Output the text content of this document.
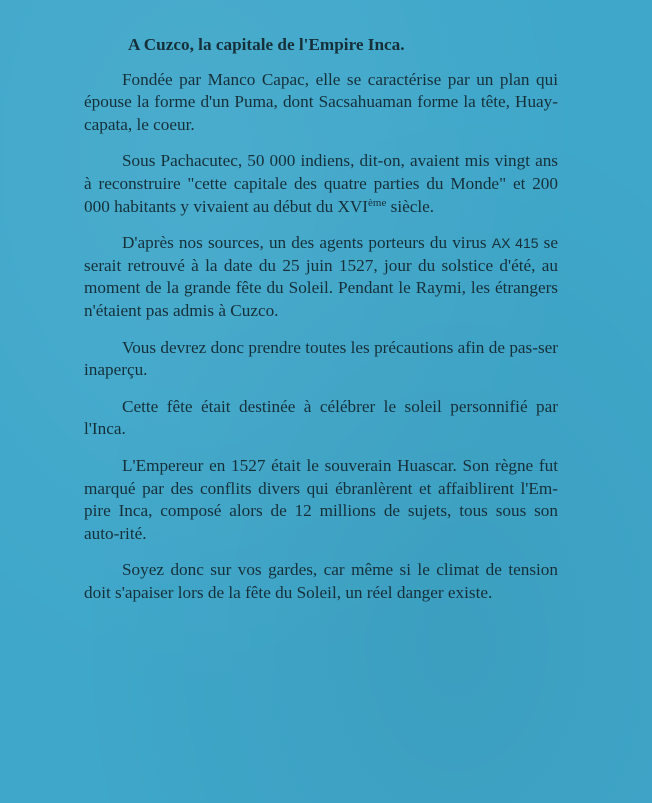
A Cuzco, la capitale de l'Empire Inca.

Fondée par Manco Capac, elle se caractérise par un plan qui épouse la forme d'un Puma, dont Sacsahuaman forme la tête, Huay-capata, le coeur.

Sous Pachacutec, 50 000 indiens, dit-on, avaient mis vingt ans à reconstruire "cette capitale des quatre parties du Monde" et 200 000 habitants y vivaient au début du XVIème siècle.

D'après nos sources, un des agents porteurs du virus AX 415 se serait retrouvé à la date du 25 juin 1527, jour du solstice d'été, au moment de la grande fête du Soleil. Pendant le Raymi, les étrangers n'étaient pas admis à Cuzco.

Vous devrez donc prendre toutes les précautions afin de pas-ser inaperçu.

Cette fête était destinée à célébrer le soleil personnifié par l'Inca.

L'Empereur en 1527 était le souverain Huascar. Son règne fut marqué par des conflits divers qui ébranlèrent et affaiblirent l'Em-pire Inca, composé alors de 12 millions de sujets, tous sous son auto-rité.

Soyez donc sur vos gardes, car même si le climat de tension doit s'apaiser lors de la fête du Soleil, un réel danger existe.
